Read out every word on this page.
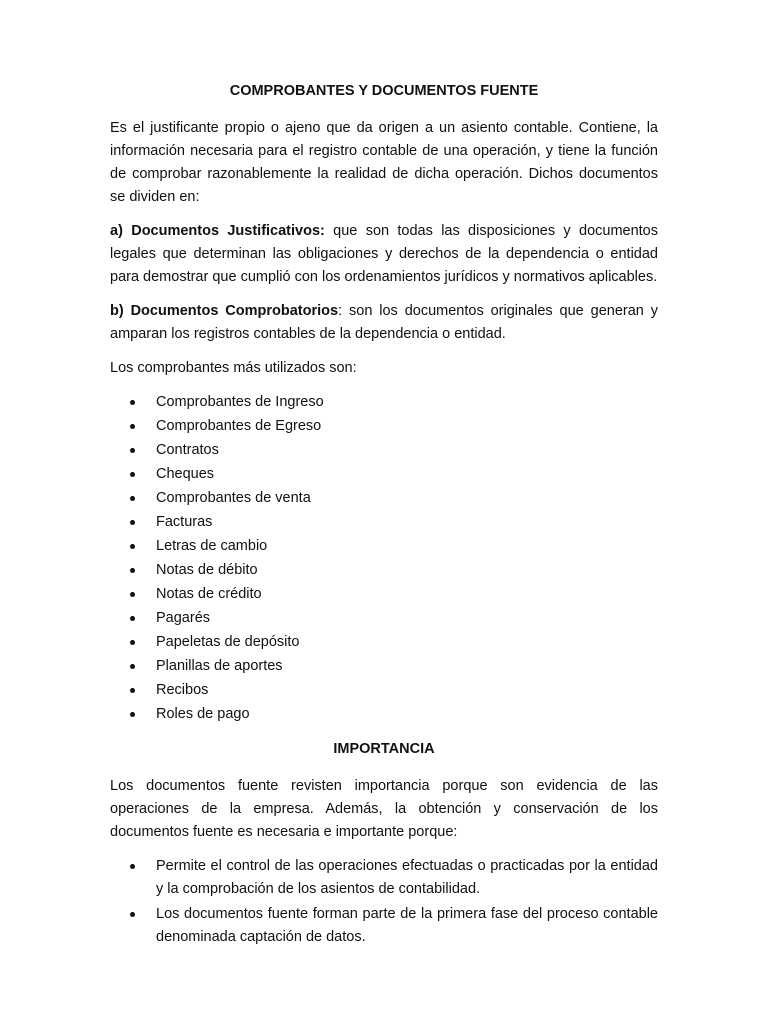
COMPROBANTES Y DOCUMENTOS FUENTE

Es el justificante propio o ajeno que da origen a un asiento contable. Contiene, la información necesaria para el registro contable de una operación, y tiene la función de comprobar razonablemente la realidad de dicha operación. Dichos documentos se dividen en:

a) Documentos Justificativos: que son todas las disposiciones y documentos legales que determinan las obligaciones y derechos de la dependencia o entidad para demostrar que cumplió con los ordenamientos jurídicos y normativos aplicables.

b) Documentos Comprobatorios: son los documentos originales que generan y amparan los registros contables de la dependencia o entidad.

Los comprobantes más utilizados son:

Comprobantes de Ingreso
Comprobantes de Egreso
Contratos
Cheques
Comprobantes de venta
Facturas
Letras de cambio
Notas de débito
Notas de crédito
Pagarés
Papeletas de depósito
Planillas de aportes
Recibos
Roles de pago

IMPORTANCIA

Los documentos fuente revisten importancia porque son evidencia de las operaciones de la empresa. Además, la obtención y conservación de los documentos fuente es necesaria e importante porque:

Permite el control de las operaciones efectuadas o practicadas por la entidad y la comprobación de los asientos de contabilidad.
Los documentos fuente forman parte de la primera fase del proceso contable denominada captación de datos.
